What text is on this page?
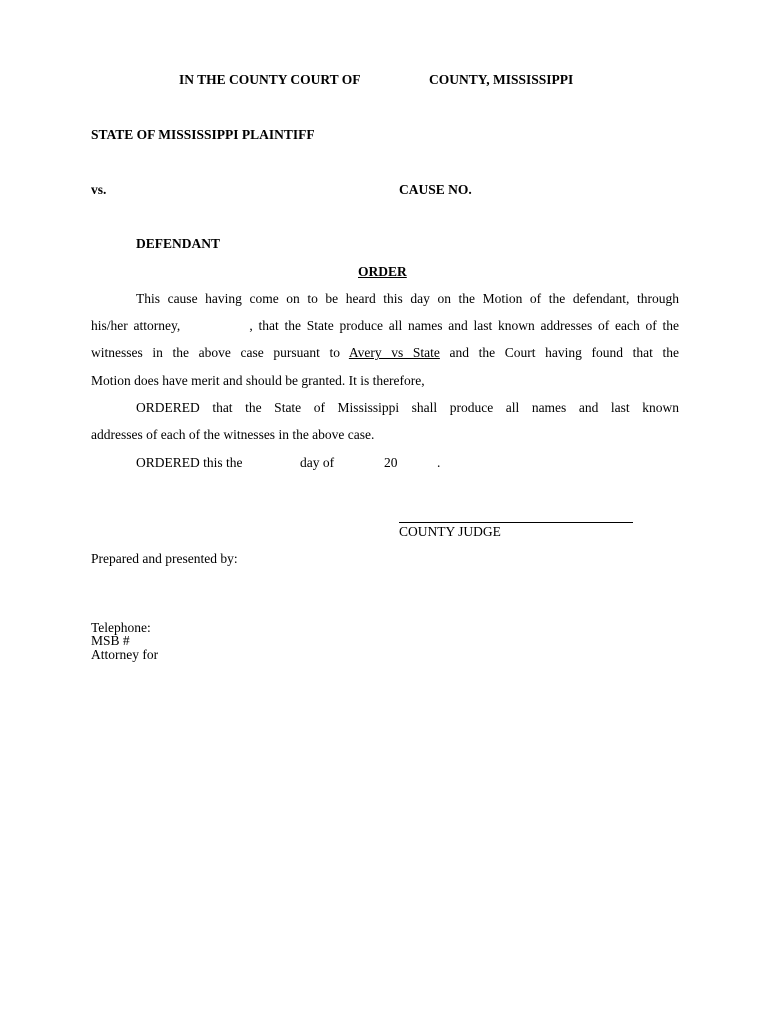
IN THE COUNTY COURT OF	COUNTY, MISSISSIPPI
STATE OF MISSISSIPPI PLAINTIFF
vs.	CAUSE NO.
DEFENDANT
ORDER
This cause having come on to be heard this day on the Motion of the defendant, through
his/her attorney,            , that the State produce all names and last known addresses of each of the
witnesses in the above case pursuant to Avery vs State and the Court having found that the
Motion does have merit and should be granted. It is therefore,
ORDERED that the State of Mississippi shall produce all names and last known
addresses of each of the witnesses in the above case.
ORDERED this the	day of	20	.
COUNTY JUDGE
Prepared and presented by:
Telephone:
MSB #
Attorney for
